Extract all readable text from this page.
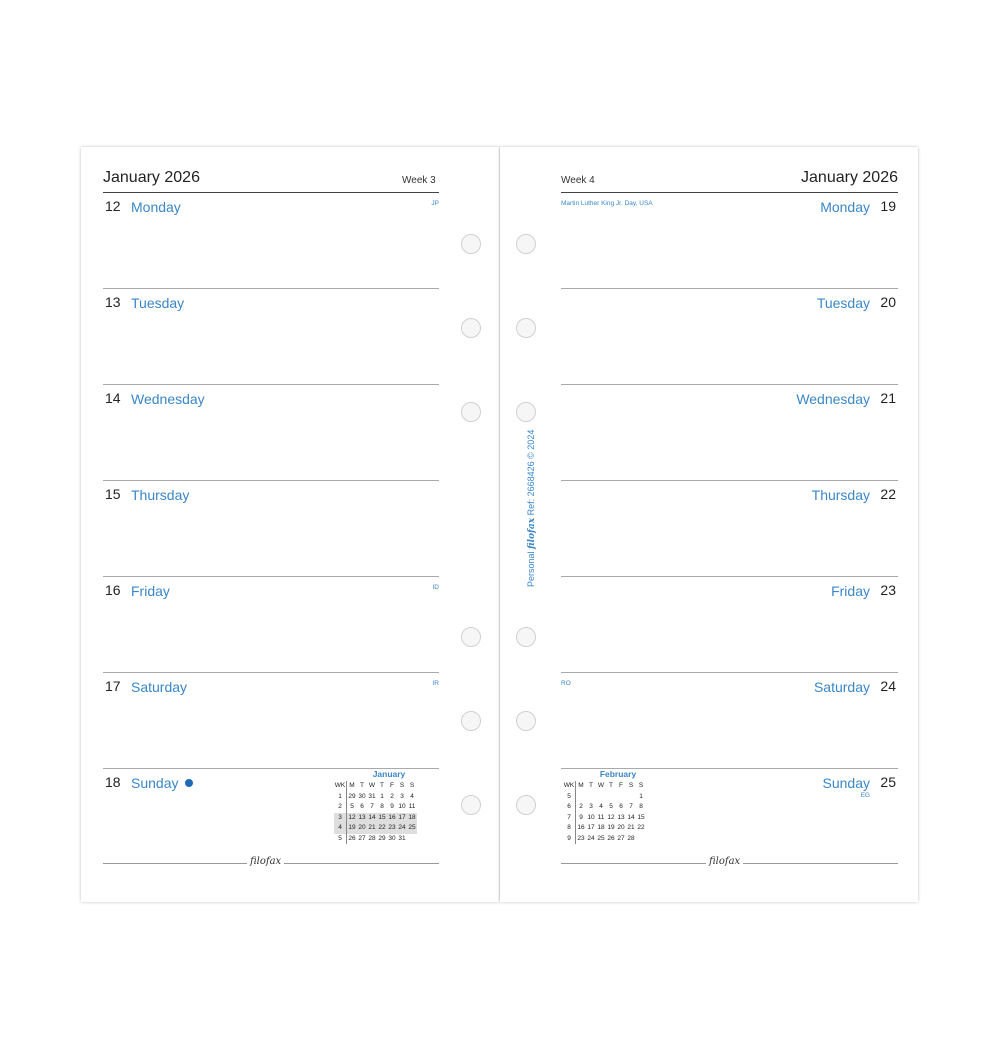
January 2026	Week 3
12 Monday	JP
13 Tuesday
14 Wednesday
15 Thursday
16 Friday	ID
17 Saturday	IR
18 Sunday
January
WK	M	T	W	T	F	S	S
1	29	30	31	1	2	3	4
2	5	6	7	8	9	10	11
3	12	13	14	15	16	17	18
4	19	20	21	22	23	24	25
5	26	27	28	29	30	31	
filofax
Week 4	January 2026
Martin Luther King Jr. Day, USA	Monday 19
Tuesday 20
Wednesday 21
Thursday 22
Friday 23
RO	Saturday 24
Sunday 25
EG
February
WK	M	T	W	T	F	S	S
5							1
6	2	3	4	5	6	7	8
7	9	10	11	12	13	14	15
8	16	17	18	19	20	21	22
9	23	24	25	26	27	28	
filofax
Personal filofax Ref: 2668426 © 2024
